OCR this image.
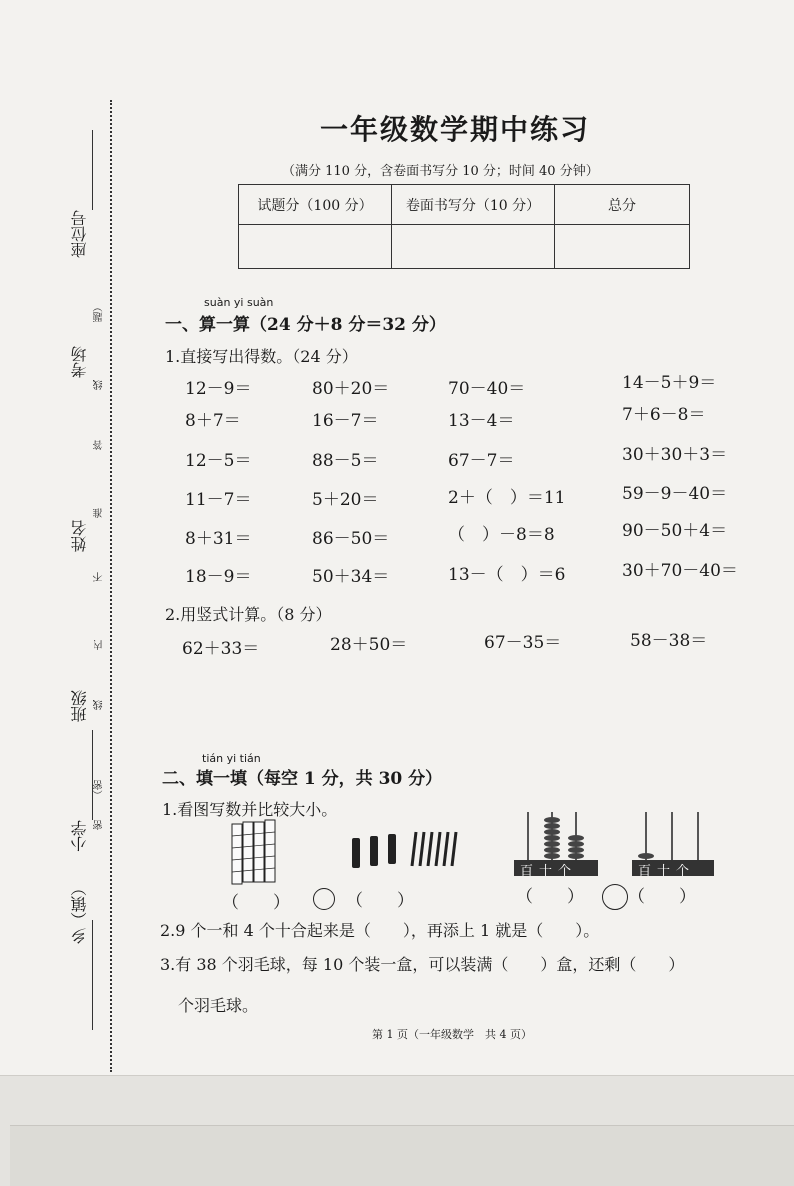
座位号
考场
姓名
班级
小学
乡（镇）
题）
线
答
准
不
内
线
（密
密
一年级数学期中练习
（满分 110 分，含卷面书写分 10 分；时间 40 分钟）
试题分（100 分）	卷面书写分（10 分）	总分

suàn yi suàn
一、算一算（24 分＋8 分＝32 分）
1.直接写出得数。（24 分）
12－9＝	80＋20＝	70－40＝	14－5＋9＝
8＋7＝	16－7＝	13－4＝	7＋6－8＝
12－5＝	88－5＝	67－7＝	30＋30＋3＝
11－7＝	5＋20＝	2＋（　）＝11	59－9－40＝
8＋31＝	86－50＝	（　）－8＝8	90－50＋4＝
18－9＝	50＋34＝	13－（　）＝6	30＋70－40＝
2.用竖式计算。（8 分）
62＋33＝	28＋50＝	67－35＝	58－38＝
tián yi tián
二、填一填（每空 1 分，共 30 分）
1.看图写数并比较大小。
百十个	百十个
（　　）	（　　）	（　　）	（　　）
2.9 个一和 4 个十合起来是（　　），再添上 1 就是（　　）。
3.有 38 个羽毛球，每 10 个装一盒，可以装满（　　）盒，还剩（　　）
个羽毛球。
第 1 页（一年级数学　共 4 页）
